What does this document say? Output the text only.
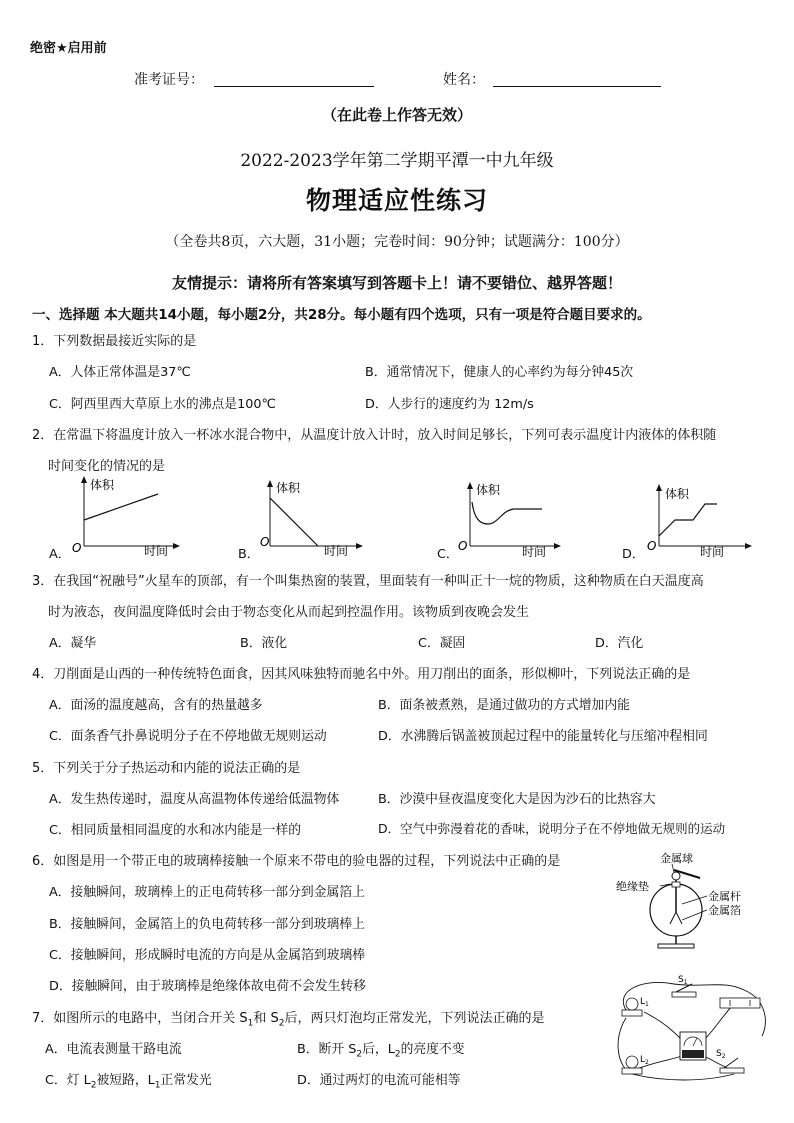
绝密★启用前
准考证号：	姓名：
（在此卷上作答无效）
2022-2023学年第二学期平潭一中九年级
物理适应性练习
（全卷共8页，六大题，31小题；完卷时间：90分钟；试题满分：100分）
友情提示：请将所有答案填写到答题卡上！请不要错位、越界答题！
一、选择题 本大题共14小题，每小题2分，共28分。每小题有四个选项，只有一项是符合题目要求的。
1．下列数据最接近实际的是
A．人体正常体温是37℃	B．通常情况下，健康人的心率约为每分钟45次
C．阿西里西大草原上水的沸点是100℃	D．人步行的速度约为 12m/s
2．在常温下将温度计放入一杯冰水混合物中，从温度计放入计时，放入时间足够长，下列可表示温度计内液体的体积随
时间变化的情况的是
A．	B．	C．	D．
体积
O	时间
体积
O
时间
体积
O	时间
体积
O	时间
3．在我国“祝融号”火星车的顶部，有一个叫集热窗的装置，里面装有一种叫正十一烷的物质，这种物质在白天温度高
时为液态，夜间温度降低时会由于物态变化从而起到控温作用。该物质到夜晚会发生
A．凝华	B．液化	C．凝固	D．汽化
4．刀削面是山西的一种传统特色面食，因其风味独特而驰名中外。用刀削出的面条，形似柳叶，下列说法正确的是
A．面汤的温度越高，含有的热量越多	B．面条被煮熟，是通过做功的方式增加内能
C．面条香气扑鼻说明分子在不停地做无规则运动	D．水沸腾后锅盖被顶起过程中的能量转化与压缩冲程相同
5．下列关于分子热运动和内能的说法正确的是
A．发生热传递时，温度从高温物体传递给低温物体	B．沙漠中昼夜温度变化大是因为沙石的比热容大
C．相同质量相同温度的水和冰内能是一样的	D．空气中弥漫着花的香味，说明分子在不停地做无规则的运动
6．如图是用一个带正电的玻璃棒接触一个原来不带电的验电器的过程，下列说法中正确的是
A．接触瞬间，玻璃棒上的正电荷转移一部分到金属箔上
B．接触瞬间，金属箔上的负电荷转移一部分到玻璃棒上
C．接触瞬间，形成瞬时电流的方向是从金属箔到玻璃棒
D．接触瞬间，由于玻璃棒是绝缘体故电荷不会发生转移
金属球
绝缘垫
金属杆
金属箔
7．如图所示的电路中，当闭合开关 $S_1$和 $S_2$后，两只灯泡均正常发光，下列说法正确的是
A．电流表测量干路电流	B．断开 $S_2$后，$L_2$的亮度不变
C．灯 $L_2$被短路，$L_1$正常发光	D．通过两灯的电流可能相等
$L_1$
$S_1$
$L_2$
$S_2$
